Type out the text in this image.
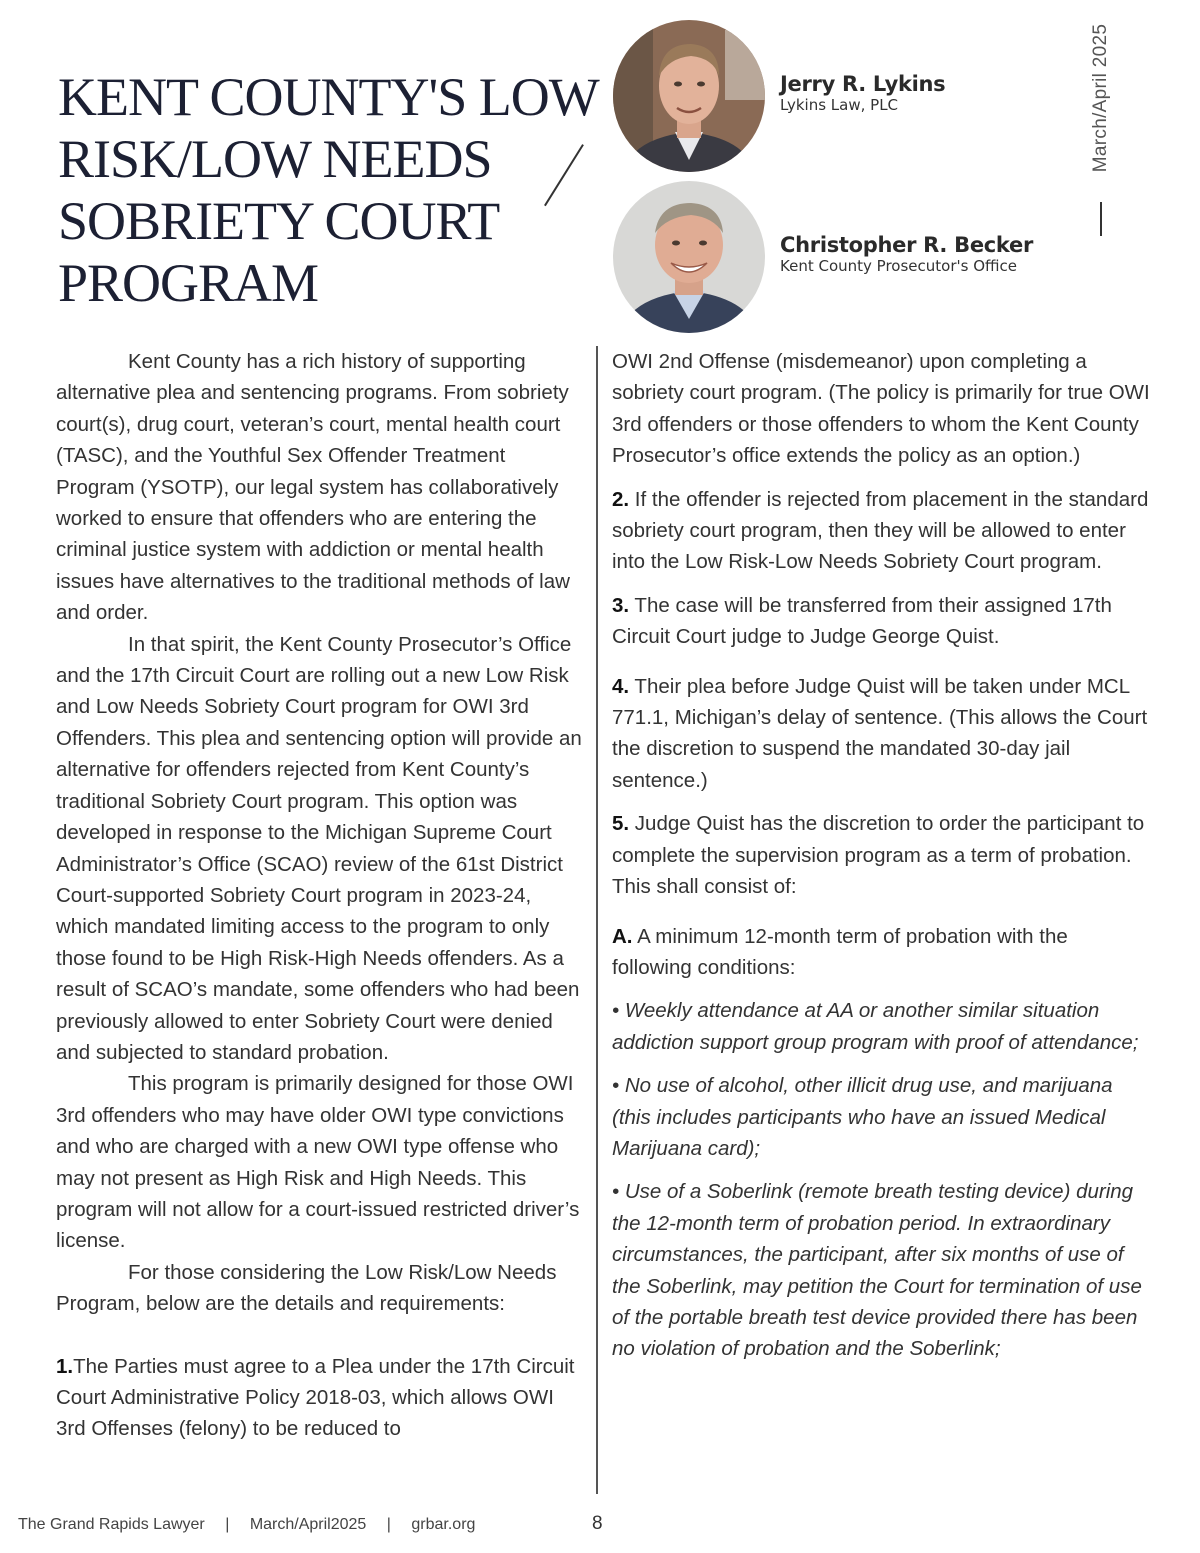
KENT COUNTY'S LOW RISK/LOW NEEDS SOBRIETY COURT PROGRAM
Jerry R. Lykins
Lykins Law, PLC
Christopher R. Becker
Kent County Prosecutor's Office
March/April 2025

Kent County has a rich history of supporting alternative plea and sentencing programs. From sobriety court(s), drug court, veteran’s court, mental health court (TASC), and the Youthful Sex Offender Treatment Program (YSOTP), our legal system has collaboratively worked to ensure that offenders who are entering the criminal justice system with addiction or mental health issues have alternatives to the traditional methods of law and order.

In that spirit, the Kent County Prosecutor’s Office and the 17th Circuit Court are rolling out a new Low Risk and Low Needs Sobriety Court program for OWI 3rd Offenders. This plea and sentencing option will provide an alternative for offenders rejected from Kent County’s traditional Sobriety Court program. This option was developed in response to the Michigan Supreme Court Administrator’s Office (SCAO) review of the 61st District Court-supported Sobriety Court program in 2023-24, which mandated limiting access to the program to only those found to be High Risk-High Needs offenders. As a result of SCAO’s mandate, some offenders who had been previously allowed to enter Sobriety Court were denied and subjected to standard probation.

This program is primarily designed for those OWI 3rd offenders who may have older OWI type convictions and who are charged with a new OWI type offense who may not present as High Risk and High Needs. This program will not allow for a court-issued restricted driver’s license.

For those considering the Low Risk/Low Needs Program, below are the details and requirements:

1.The Parties must agree to a Plea under the 17th Circuit Court Administrative Policy 2018-03, which allows OWI 3rd Offenses (felony) to be reduced to

OWI 2nd Offense (misdemeanor) upon completing a sobriety court program. (The policy is primarily for true OWI 3rd offenders or those offenders to whom the Kent County Prosecutor’s office extends the policy as an option.)

2. If the offender is rejected from placement in the standard sobriety court program, then they will be allowed to enter into the Low Risk-Low Needs Sobriety Court program.

3. The case will be transferred from their assigned 17th Circuit Court judge to Judge George Quist.

4. Their plea before Judge Quist will be taken under MCL 771.1, Michigan’s delay of sentence. (This allows the Court the discretion to suspend the mandated 30-day jail sentence.)

5. Judge Quist has the discretion to order the participant to complete the supervision program as a term of probation. This shall consist of:

A. A minimum 12-month term of probation with the following conditions:

• Weekly attendance at AA or another similar situation addiction support group program with proof of attendance;

• No use of alcohol, other illicit drug use, and marijuana (this includes participants who have an issued Medical Marijuana card);

• Use of a Soberlink (remote breath testing device) during the 12-month term of probation period. In extraordinary circumstances, the participant, after six months of use of the Soberlink, may petition the Court for termination of use of the portable breath test device provided there has been no violation of probation and the Soberlink;

The Grand Rapids Lawyer | March/April2025 | grbar.org	8
